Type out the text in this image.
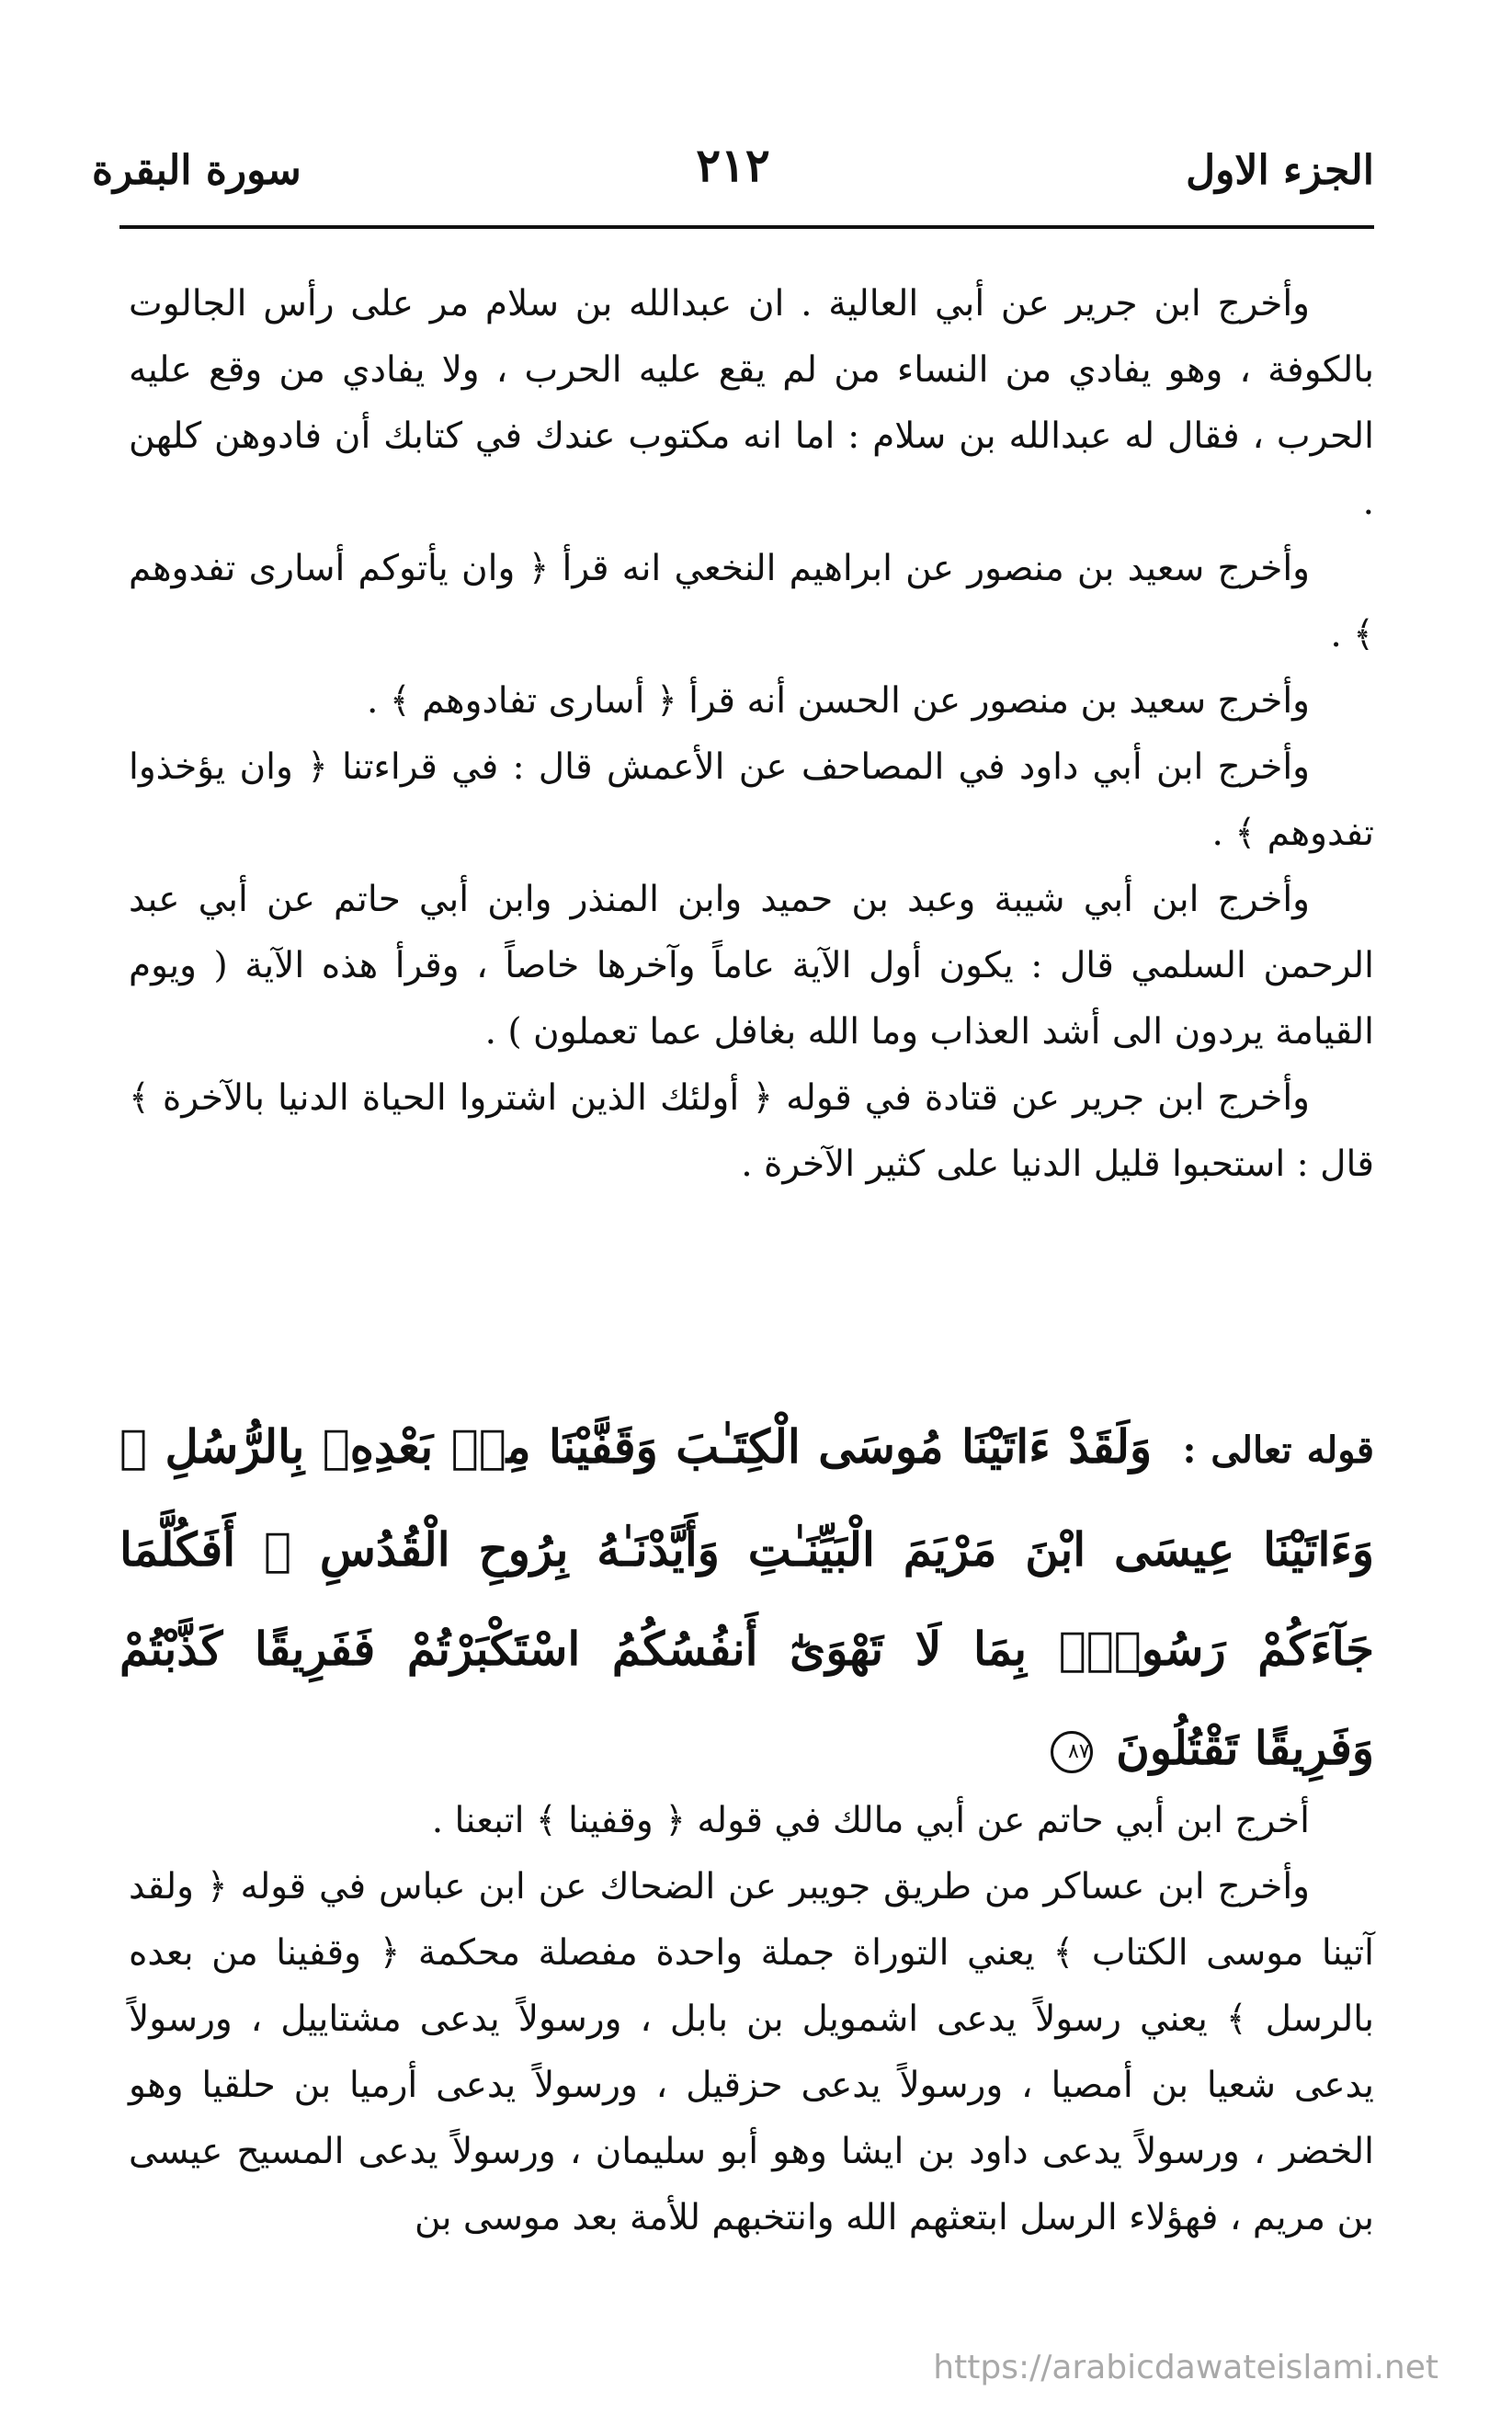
الجزء الاول
٢١٢
سورة البقرة

وأخرج ابن جرير عن أبي العالية . ان عبدالله بن سلام مر على رأس الجالوت بالكوفة ، وهو يفادي من النساء من لم يقع عليه الحرب ، ولا يفادي من وقع عليه الحرب ، فقال له عبدالله بن سلام : اما انه مكتوب عندك في كتابك أن فادوهن كلهن .

وأخرج سعيد بن منصور عن ابراهيم النخعي انه قرأ ﴿ وان يأتوكم أسارى تفدوهم ﴾ .

وأخرج سعيد بن منصور عن الحسن أنه قرأ ﴿ أسارى تفادوهم ﴾ .

وأخرج ابن أبي داود في المصاحف عن الأعمش قال : في قراءتنا ﴿ وان يؤخذوا تفدوهم ﴾ .

وأخرج ابن أبي شيبة وعبد بن حميد وابن المنذر وابن أبي حاتم عن أبي عبد الرحمن السلمي قال : يكون أول الآية عاماً وآخرها خاصاً ، وقرأ هذه الآية ( ويوم القيامة يردون الى أشد العذاب وما الله بغافل عما تعملون ) .

وأخرج ابن جرير عن قتادة في قوله ﴿ أولئك الذين اشتروا الحياة الدنيا بالآخرة ﴾ قال : استحبوا قليل الدنيا على كثير الآخرة .

قوله تعالى : وَلَقَدْ ءَاتَيْنَا مُوسَى الْكِتَـٰبَ وَقَفَّيْنَا مِنۢ بَعْدِهِۦ بِالرُّسُلِ ۖ وَءَاتَيْنَا عِيسَى ابْنَ مَرْيَمَ الْبَيِّنَـٰتِ وَأَيَّدْنَـٰهُ بِرُوحِ الْقُدُسِ ۗ أَفَكُلَّمَا جَآءَكُمْ رَسُولٌۢ بِمَا لَا تَهْوَىٰٓ أَنفُسُكُمُ اسْتَكْبَرْتُمْ فَفَرِيقًا كَذَّبْتُمْ وَفَرِيقًا تَقْتُلُونَ ٨٧

أخرج ابن أبي حاتم عن أبي مالك في قوله ﴿ وقفينا ﴾ اتبعنا .

وأخرج ابن عساكر من طريق جويبر عن الضحاك عن ابن عباس في قوله ﴿ ولقد آتينا موسى الكتاب ﴾ يعني التوراة جملة واحدة مفصلة محكمة ﴿ وقفينا من بعده بالرسل ﴾ يعني رسولاً يدعى اشمويل بن بابل ، ورسولاً يدعى مشتاييل ، ورسولاً يدعى شعيا بن أمصيا ، ورسولاً يدعى حزقيل ، ورسولاً يدعى أرميا بن حلقيا وهو الخضر ، ورسولاً يدعى داود بن ايشا وهو أبو سليمان ، ورسولاً يدعى المسيح عيسى بن مريم ، فهؤلاء الرسل ابتعثهم الله وانتخبهم للأمة بعد موسى بن

https://arabicdawateislami.net
